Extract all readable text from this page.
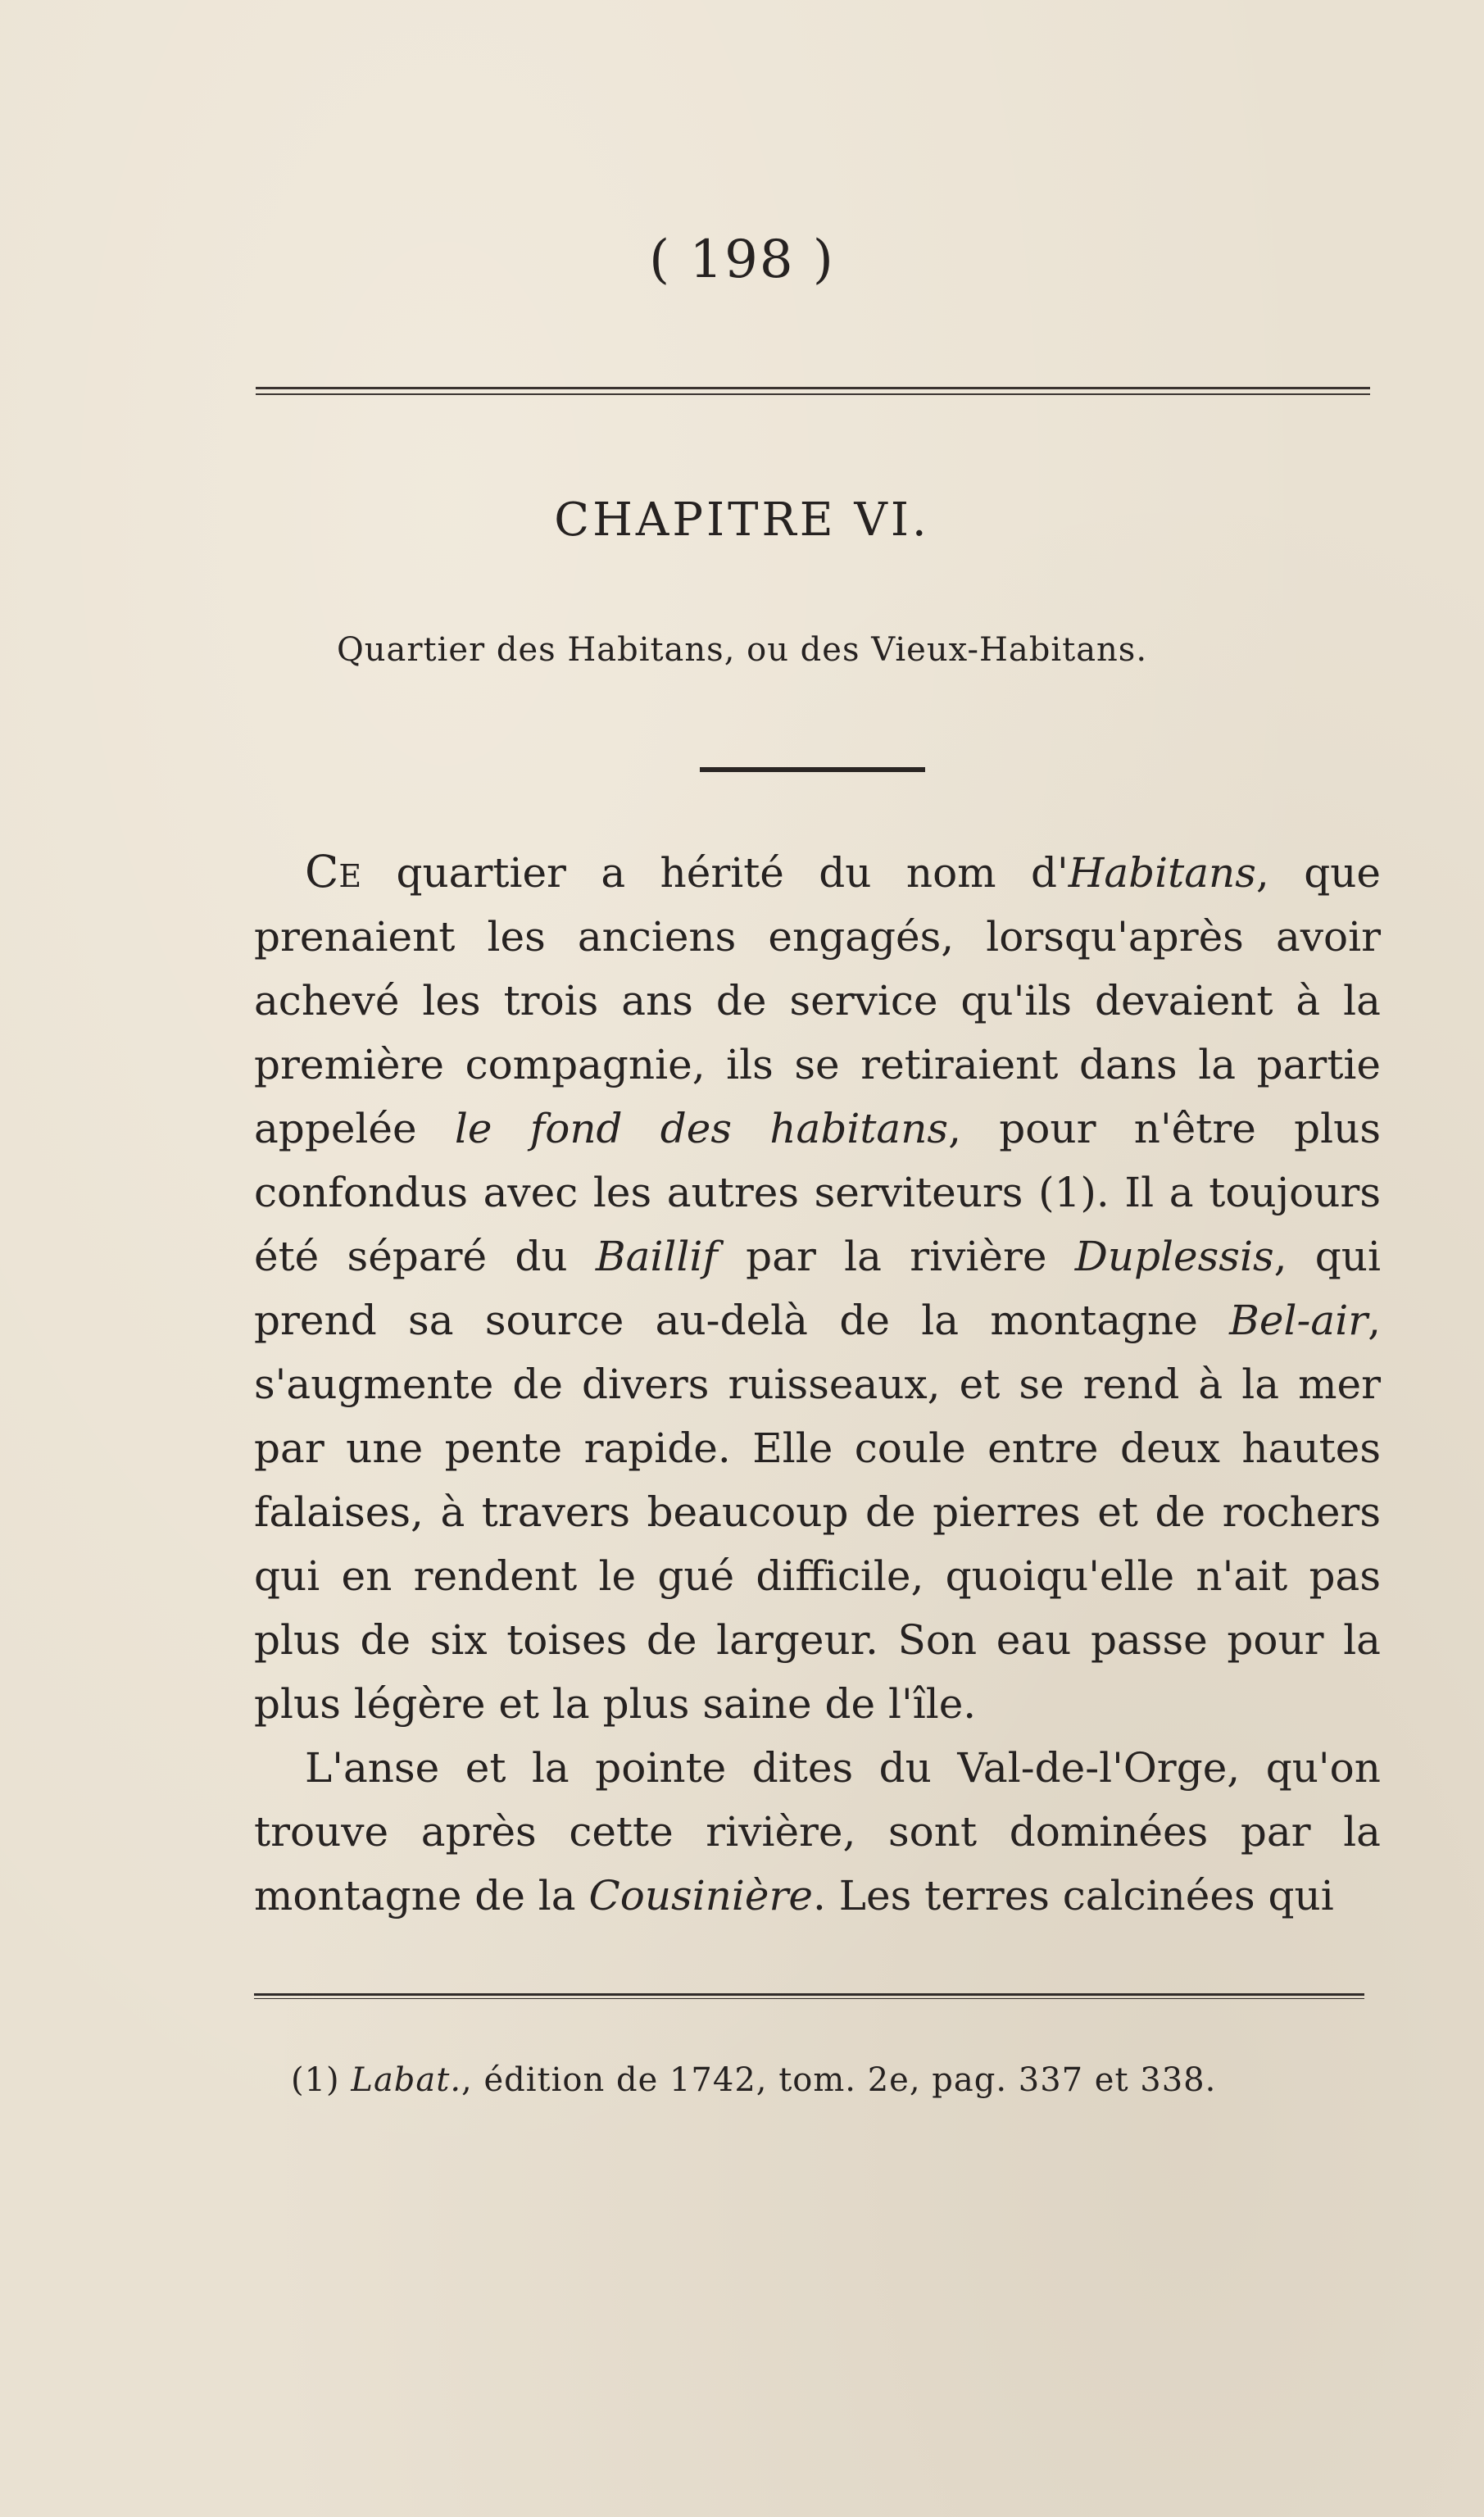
( 198 )
CHAPITRE VI.
Quartier des Habitans, ou des Vieux-Habitans.

Ce quartier a hérité du nom d'Habitans, que prenaient les anciens engagés, lorsqu'après avoir achevé les trois ans de service qu'ils devaient à la première compagnie, ils se retiraient dans la partie appelée le fond des habitans, pour n'être plus confondus avec les autres serviteurs (1). Il a toujours été séparé du Baillif par la rivière Duplessis, qui prend sa source au-delà de la montagne Bel-air, s'augmente de divers ruisseaux, et se rend à la mer par une pente rapide. Elle coule entre deux hautes falaises, à travers beaucoup de pierres et de rochers qui en rendent le gué difficile, quoiqu'elle n'ait pas plus de six toises de largeur. Son eau passe pour la plus légère et la plus saine de l'île.

L'anse et la pointe dites du Val-de-l'Orge, qu'on trouve après cette rivière, sont dominées par la montagne de la Cousinière. Les terres calcinées qui

(1) Labat., édition de 1742, tom. 2e, pag. 337 et 338.
